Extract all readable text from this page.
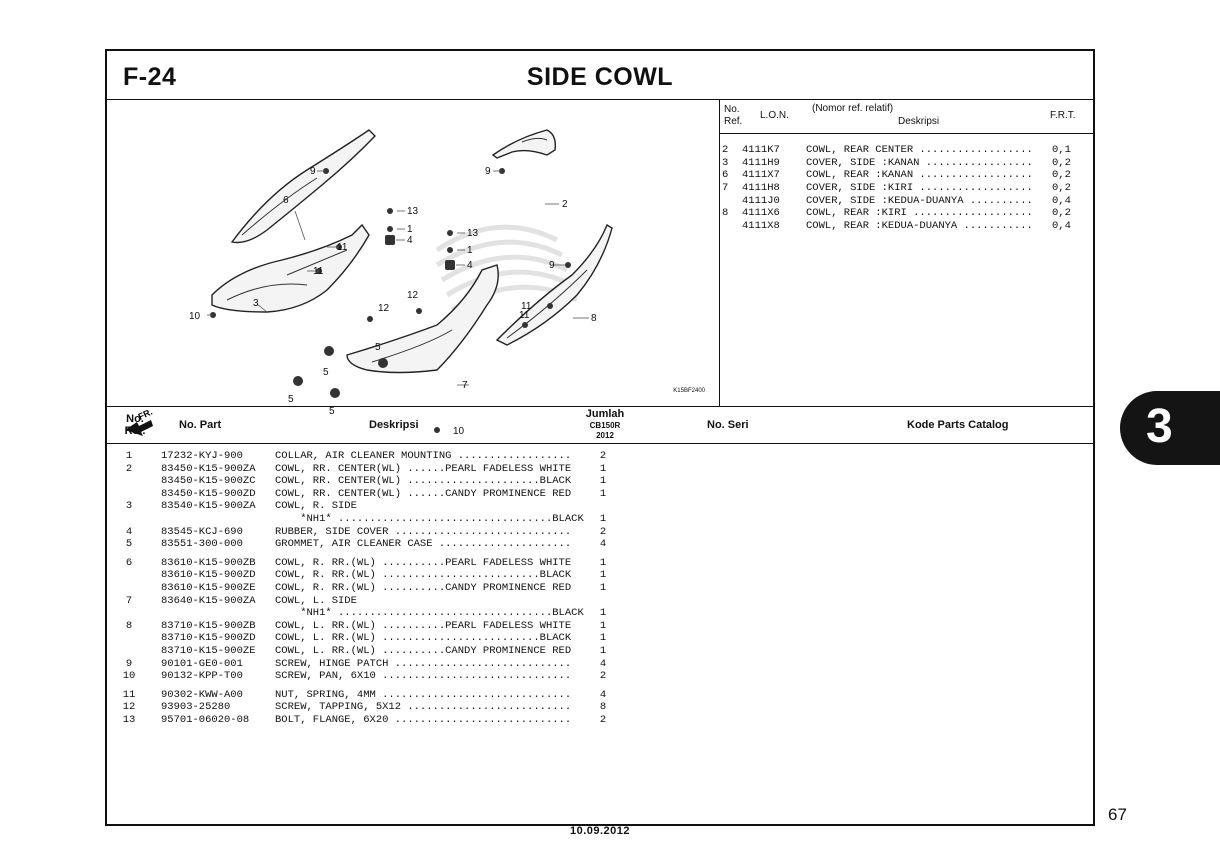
F-24	SIDE COWL
9	9
6	2
13
1
4
13
1
4
11
11
9
11
3	12
12
10	11	8
5
5
5
5
7
10
FR.
K15BF2400
No. Ref.
L.O.N.
(Nomor ref. relatif)
Deskripsi
F.R.T.
2 4111K7 COWL, REAR CENTER .................. 0,1
3 4111H9 COVER, SIDE :KANAN ................. 0,2
6 4111X7 COWL, REAR :KANAN .................. 0,2
7 4111H8 COVER, SIDE :KIRI .................. 0,2
4111J0 COVER, SIDE :KEDUA-DUANYA .......... 0,4
8 4111X6 COWL, REAR :KIRI ................... 0,2
4111X8 COWL, REAR :KEDUA-DUANYA ........... 0,4
No. Ref.	No. Part	Deskripsi
Jumlah
CB150R
2012
No. Seri	Kode Parts Catalog
1	17232-KYJ-900	COLLAR, AIR CLEANER MOUNTING ..................	2
2	83450-K15-900ZA COWL, RR. CENTER(WL) ......PEARL FADELESS WHITE	1
83450-K15-900ZC COWL, RR. CENTER(WL) .....................BLACK	1
83450-K15-900ZD COWL, RR. CENTER(WL) ......CANDY PROMINENCE RED	1
3	83540-K15-900ZA COWL, R. SIDE
*NH1* ..................................BLACK	1
4	83545-KCJ-690	RUBBER, SIDE COVER ............................	2
5	83551-300-000	GROMMET, AIR CLEANER CASE .....................	4
6	83610-K15-900ZB COWL, R. RR.(WL) ..........PEARL FADELESS WHITE	1
83610-K15-900ZD COWL, R. RR.(WL) .........................BLACK	1
83610-K15-900ZE COWL, R. RR.(WL) ..........CANDY PROMINENCE RED	1
7	83640-K15-900ZA COWL, L. SIDE
*NH1* ..................................BLACK	1
8	83710-K15-900ZB COWL, L. RR.(WL) ..........PEARL FADELESS WHITE	1
83710-K15-900ZD COWL, L. RR.(WL) .........................BLACK	1
83710-K15-900ZE COWL, L. RR.(WL) ..........CANDY PROMINENCE RED	1
9	90101-GE0-001	SCREW, HINGE PATCH ............................	4
10 90132-KPP-T00	SCREW, PAN, 6X10 ..............................	2
11 90302-KWW-A00	NUT, SPRING, 4MM ..............................	4
12 93903-25280	SCREW, TAPPING, 5X12 ..........................	8
13 95701-06020-08 BOLT, FLANGE, 6X20 ............................	2
3
67
10.09.2012
